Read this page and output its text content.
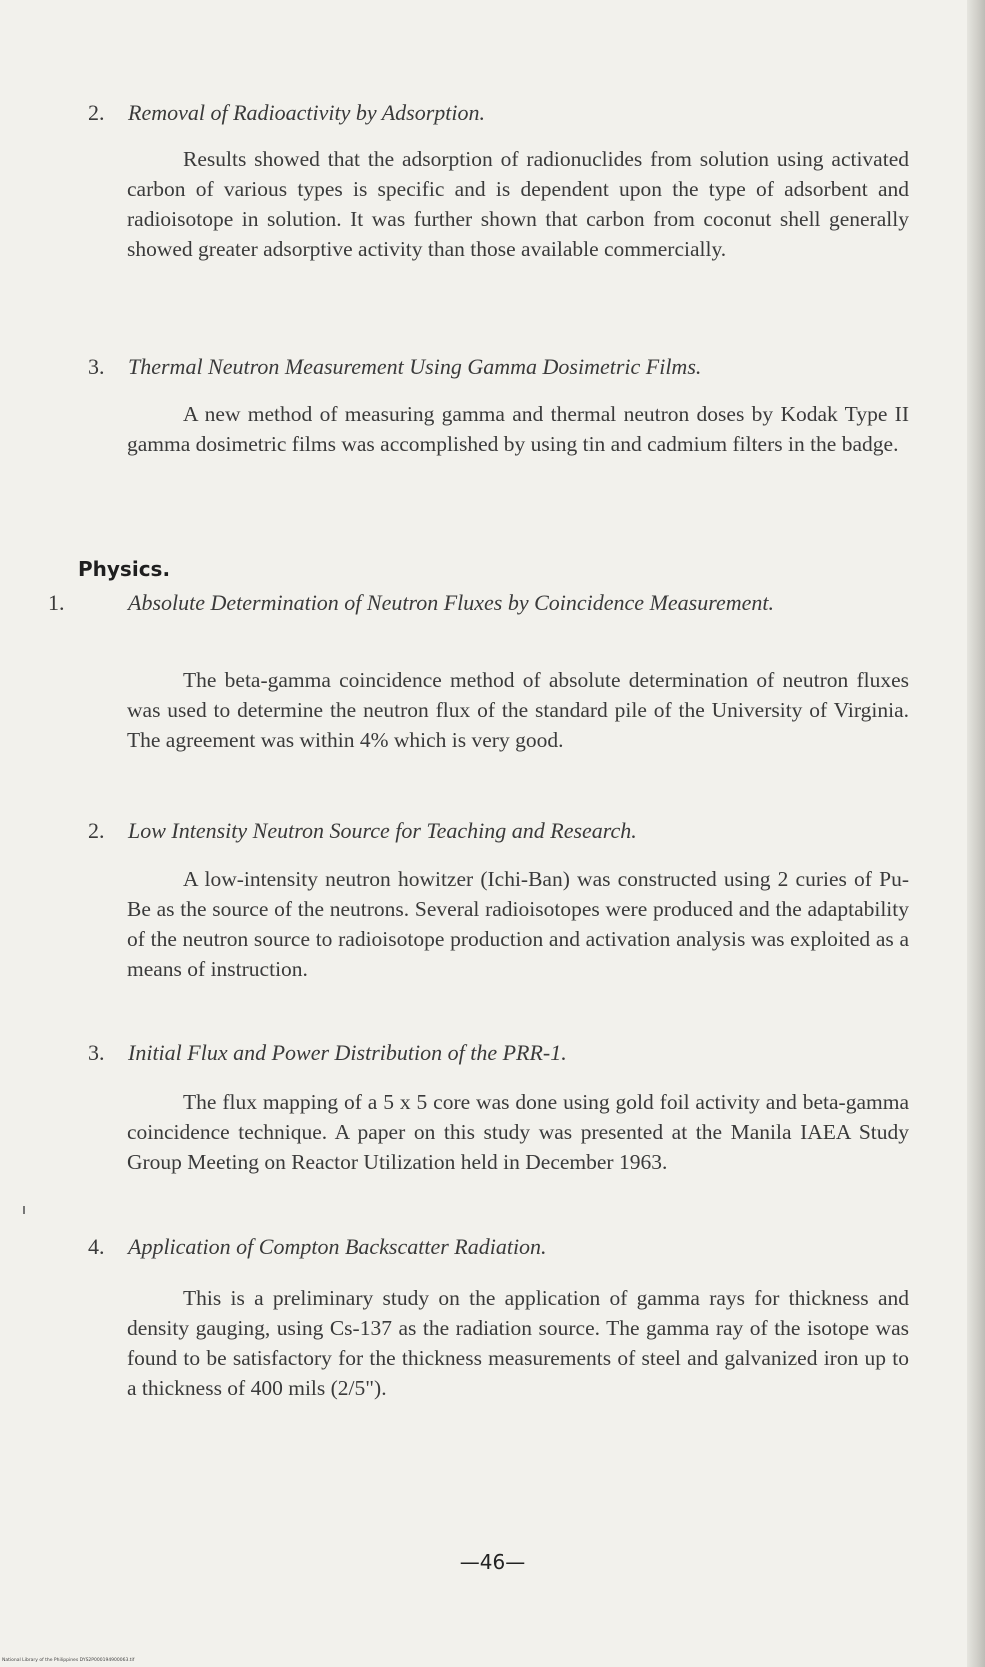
2. Removal of Radioactivity by Adsorption.

Results showed that the adsorption of radionuclides from solution using activated carbon of various types is specific and is dependent upon the type of adsorbent and radioisotope in solution. It was further shown that carbon from coconut shell generally showed greater adsorptive activity than those available commercially.

3. Thermal Neutron Measurement Using Gamma Dosimetric Films.

A new method of measuring gamma and thermal neutron doses by Kodak Type II gamma dosimetric films was accomplished by using tin and cadmium filters in the badge.

Physics.
1.	Absolute Determination of Neutron Fluxes by Coincidence Measurement.

The beta-gamma coincidence method of absolute determination of neutron fluxes was used to determine the neutron flux of the standard pile of the University of Virginia. The agreement was within 4% which is very good.

2. Low Intensity Neutron Source for Teaching and Research.

A low-intensity neutron howitzer (Ichi-Ban) was constructed using 2 curies of Pu-Be as the source of the neutrons. Several radioisotopes were produced and the adaptability of the neutron source to radioisotope production and activation analysis was exploited as a means of instruction.

3. Initial Flux and Power Distribution of the PRR-1.

The flux mapping of a 5 x 5 core was done using gold foil activity and beta-gamma coincidence technique. A paper on this study was presented at the Manila IAEA Study Group Meeting on Reactor Utilization held in December 1963.

4. Application of Compton Backscatter Radiation.

This is a preliminary study on the application of gamma rays for thickness and density gauging, using Cs-137 as the radiation source. The gamma ray of the isotope was found to be satisfactory for the thickness measurements of steel and galvanized iron up to a thickness of 400 mils (2/5").

—46—
National Library of the Philippines DYS2P000194900063.tif
